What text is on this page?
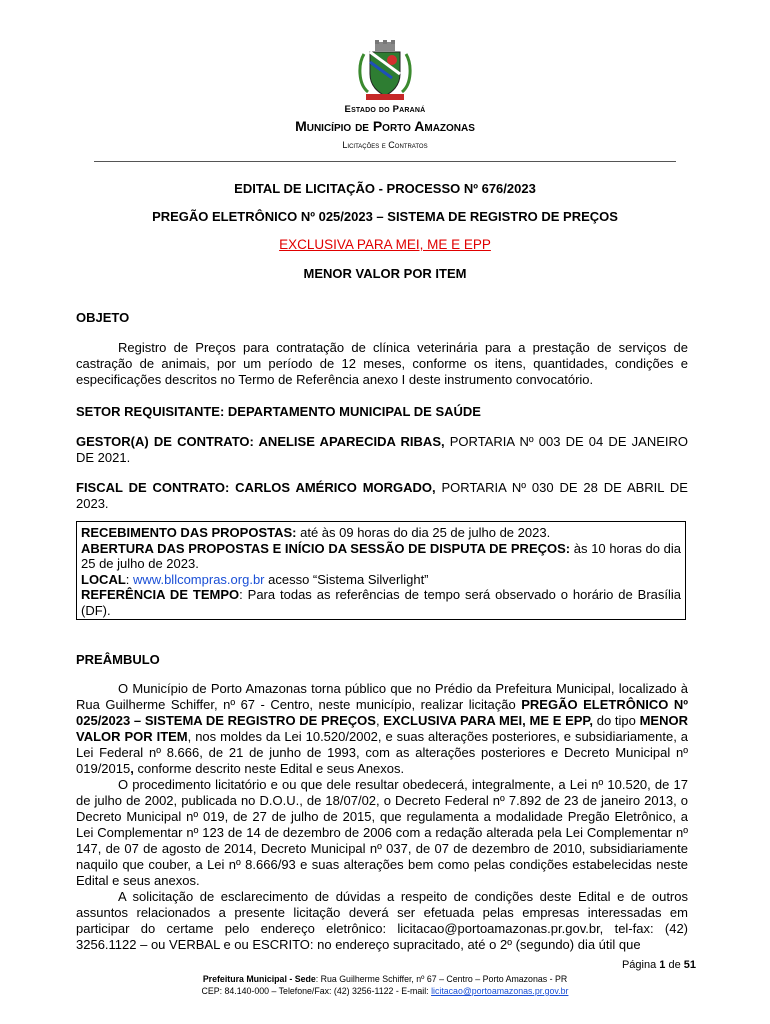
Estado do Paraná
Município de Porto Amazonas
Licitações e Contratos
EDITAL DE LICITAÇÃO - PROCESSO Nº 676/2023
PREGÃO ELETRÔNICO Nº 025/2023 – SISTEMA DE REGISTRO DE PREÇOS
EXCLUSIVA PARA MEI, ME E EPP
MENOR VALOR POR ITEM
OBJETO
Registro de Preços para contratação de clínica veterinária para a prestação de serviços de castração de animais, por um período de 12 meses, conforme os itens, quantidades, condições e especificações descritos no Termo de Referência anexo I deste instrumento convocatório.
SETOR REQUISITANTE: DEPARTAMENTO MUNICIPAL DE SAÚDE
GESTOR(A) DE CONTRATO: ANELISE APARECIDA RIBAS, PORTARIA Nº 003 DE 04 DE JANEIRO DE 2021.
FISCAL DE CONTRATO: CARLOS AMÉRICO MORGADO, PORTARIA Nº 030 DE 28 DE ABRIL DE 2023.

RECEBIMENTO DAS PROPOSTAS: até às 09 horas do dia 25 de julho de 2023.

ABERTURA DAS PROPOSTAS E INÍCIO DA SESSÃO DE DISPUTA DE PREÇOS: às 10 horas do dia 25 de julho de 2023.

LOCAL: www.bllcompras.org.br acesso “Sistema Silverlight”

REFERÊNCIA DE TEMPO: Para todas as referências de tempo será observado o horário de Brasília (DF).

PREÂMBULO

O Município de Porto Amazonas torna público que no Prédio da Prefeitura Municipal, localizado à Rua Guilherme Schiffer, nº 67 - Centro, neste município, realizar licitação PREGÃO ELETRÔNICO Nº 025/2023 – SISTEMA DE REGISTRO DE PREÇOS, EXCLUSIVA PARA MEI, ME E EPP, do tipo MENOR VALOR POR ITEM, nos moldes da Lei 10.520/2002, e suas alterações posteriores, e subsidiariamente, a Lei Federal nº 8.666, de 21 de junho de 1993, com as alterações posteriores e Decreto Municipal nº 019/2015, conforme descrito neste Edital e seus Anexos.

O procedimento licitatório e ou que dele resultar obedecerá, integralmente, a Lei nº 10.520, de 17 de julho de 2002, publicada no D.O.U., de 18/07/02, o Decreto Federal nº 7.892 de 23 de janeiro 2013, o Decreto Municipal nº 019, de 27 de julho de 2015, que regulamenta a modalidade Pregão Eletrônico, a Lei Complementar nº 123 de 14 de dezembro de 2006 com a redação alterada pela Lei Complementar nº 147, de 07 de agosto de 2014, Decreto Municipal nº 037, de 07 de dezembro de 2010, subsidiariamente naquilo que couber, a Lei nº 8.666/93 e suas alterações bem como pelas condições estabelecidas neste Edital e seus anexos.

A solicitação de esclarecimento de dúvidas a respeito de condições deste Edital e de outros assuntos relacionados a presente licitação deverá ser efetuada pelas empresas interessadas em participar do certame pelo endereço eletrônico: licitacao@portoamazonas.pr.gov.br, tel-fax: (42) 3256.1122 – ou VERBAL e ou ESCRITO: no endereço supracitado, até o 2º (segundo) dia útil que

Página 1 de 51
Prefeitura Municipal - Sede: Rua Guilherme Schiffer, nº 67 – Centro – Porto Amazonas - PR
CEP: 84.140-000 – Telefone/Fax: (42) 3256-1122 - E-mail: licitacao@portoamazonas.pr.gov.br
